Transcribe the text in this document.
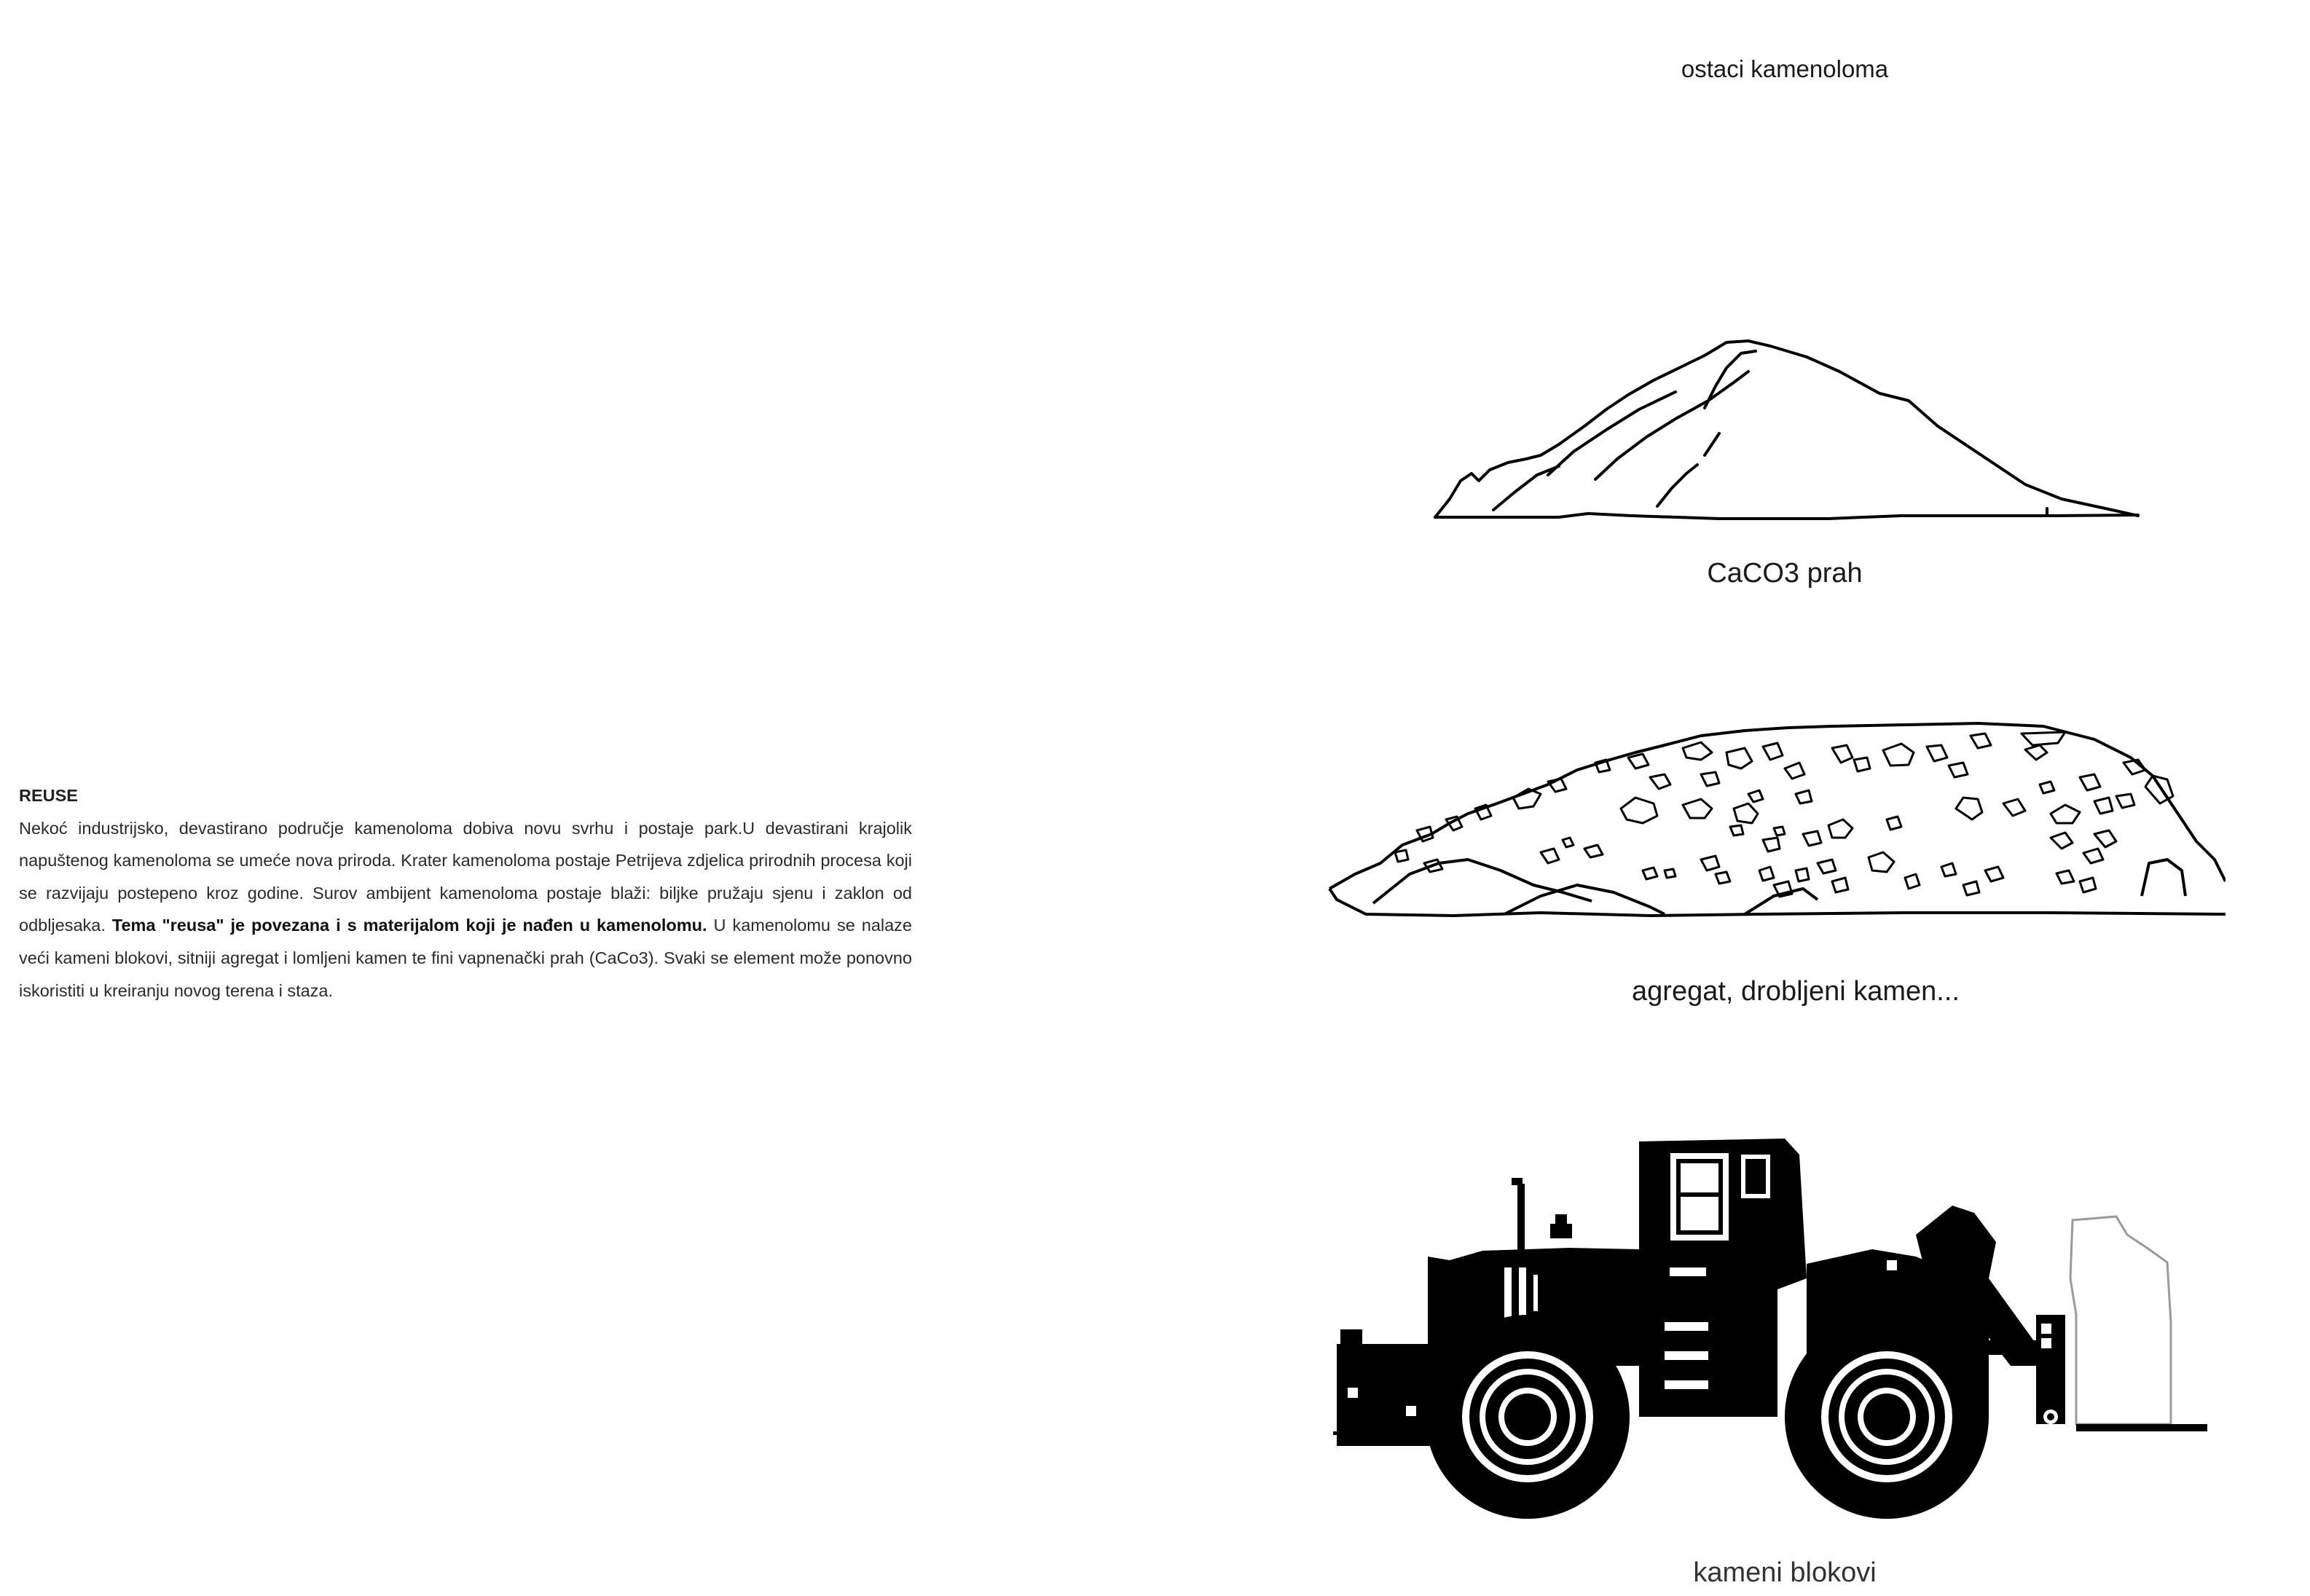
ostaci kamenoloma
CaCO3 prah
agregat, drobljeni kamen...
kameni blokovi
REUSE

Nekoć industrijsko, devastirano područje kamenoloma dobiva novu svrhu i postaje park.U devastirani krajolik napuštenog kamenoloma se umeće nova priroda. Krater kamenoloma postaje Petrijeva zdjelica prirodnih procesa koji se razvijaju postepeno kroz godine. Surov ambijent kamenoloma postaje blaži: biljke pružaju sjenu i zaklon od odbljesaka. Tema "reusa" je povezana i s materijalom koji je nađen u kamenolomu. U kamenolomu se nalaze veći kameni blokovi, sitniji agregat i lomljeni kamen te fini vapnenački prah (CaCo3). Svaki se element može ponovno iskoristiti u kreiranju novog terena i staza.
